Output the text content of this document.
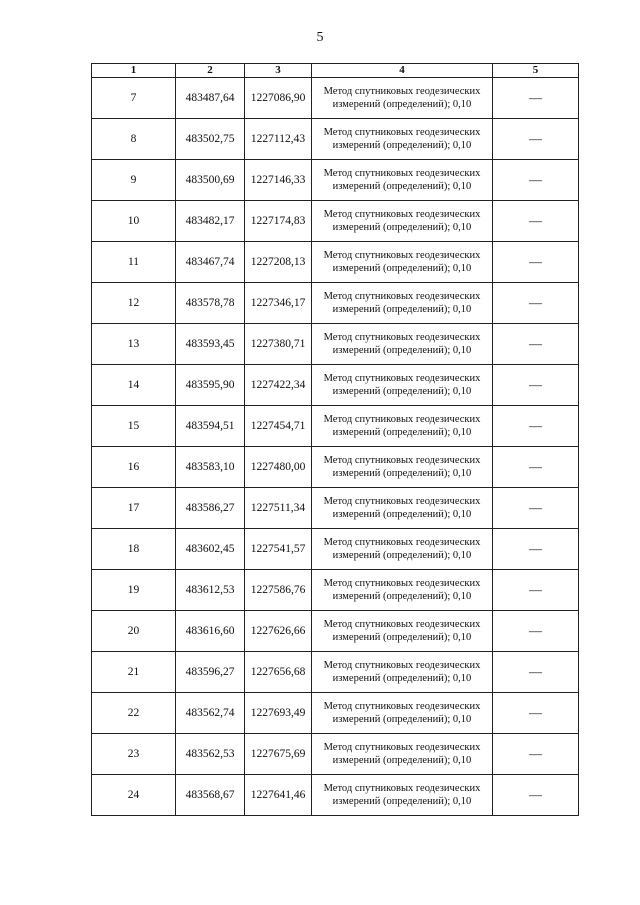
5
1	2	3	4	5
7	483487,64	1227086,90	Метод спутниковых геодезических измерений (определений); 0,10	—
8	483502,75	1227112,43	Метод спутниковых геодезических измерений (определений); 0,10	—
9	483500,69	1227146,33	Метод спутниковых геодезических измерений (определений); 0,10	—
10	483482,17	1227174,83	Метод спутниковых геодезических измерений (определений); 0,10	—
11	483467,74	1227208,13	Метод спутниковых геодезических измерений (определений); 0,10	—
12	483578,78	1227346,17	Метод спутниковых геодезических измерений (определений); 0,10	—
13	483593,45	1227380,71	Метод спутниковых геодезических измерений (определений); 0,10	—
14	483595,90	1227422,34	Метод спутниковых геодезических измерений (определений); 0,10	—
15	483594,51	1227454,71	Метод спутниковых геодезических измерений (определений); 0,10	—
16	483583,10	1227480,00	Метод спутниковых геодезических измерений (определений); 0,10	—
17	483586,27	1227511,34	Метод спутниковых геодезических измерений (определений); 0,10	—
18	483602,45	1227541,57	Метод спутниковых геодезических измерений (определений); 0,10	—
19	483612,53	1227586,76	Метод спутниковых геодезических измерений (определений); 0,10	—
20	483616,60	1227626,66	Метод спутниковых геодезических измерений (определений); 0,10	—
21	483596,27	1227656,68	Метод спутниковых геодезических измерений (определений); 0,10	—
22	483562,74	1227693,49	Метод спутниковых геодезических измерений (определений); 0,10	—
23	483562,53	1227675,69	Метод спутниковых геодезических измерений (определений); 0,10	—
24	483568,67	1227641,46	Метод спутниковых геодезических измерений (определений); 0,10	—
